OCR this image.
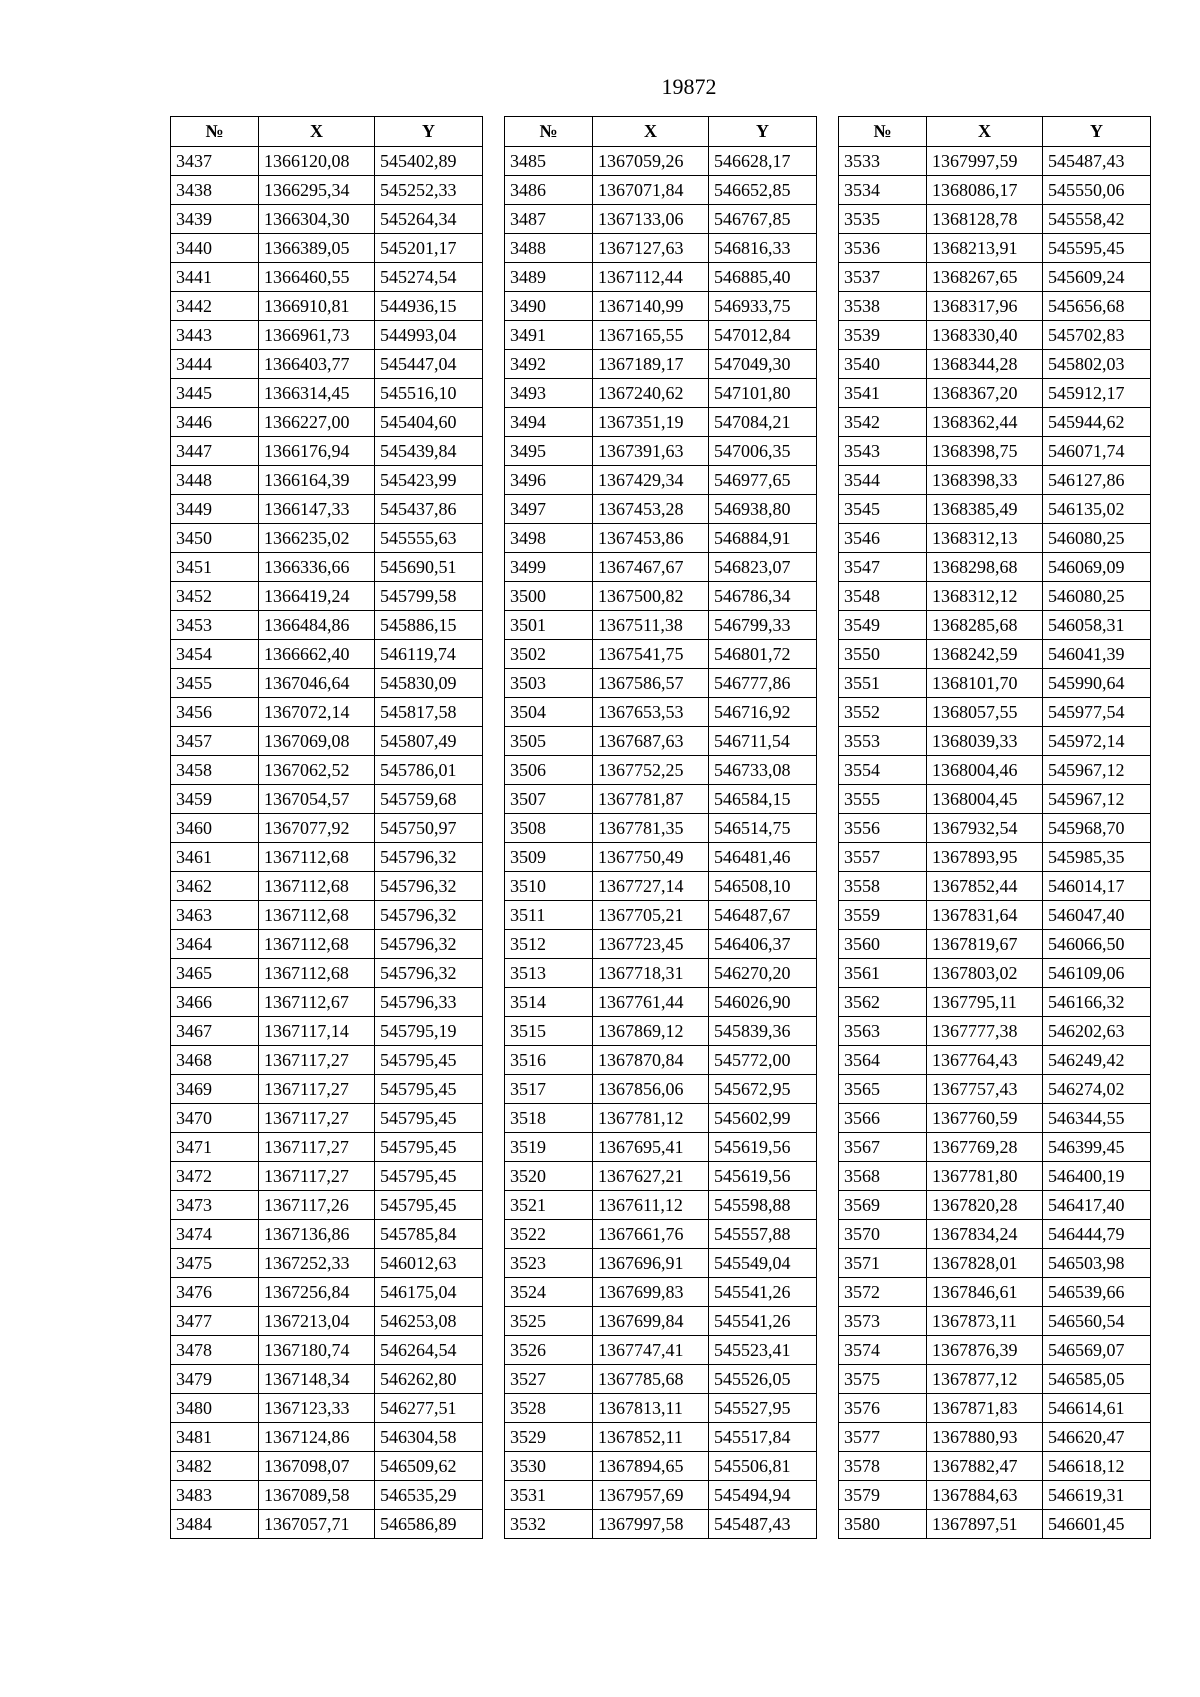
19872
№	X	Y
3437	1366120,08	545402,89
3438	1366295,34	545252,33
3439	1366304,30	545264,34
3440	1366389,05	545201,17
3441	1366460,55	545274,54
3442	1366910,81	544936,15
3443	1366961,73	544993,04
3444	1366403,77	545447,04
3445	1366314,45	545516,10
3446	1366227,00	545404,60
3447	1366176,94	545439,84
3448	1366164,39	545423,99
3449	1366147,33	545437,86
3450	1366235,02	545555,63
3451	1366336,66	545690,51
3452	1366419,24	545799,58
3453	1366484,86	545886,15
3454	1366662,40	546119,74
3455	1367046,64	545830,09
3456	1367072,14	545817,58
3457	1367069,08	545807,49
3458	1367062,52	545786,01
3459	1367054,57	545759,68
3460	1367077,92	545750,97
3461	1367112,68	545796,32
3462	1367112,68	545796,32
3463	1367112,68	545796,32
3464	1367112,68	545796,32
3465	1367112,68	545796,32
3466	1367112,67	545796,33
3467	1367117,14	545795,19
3468	1367117,27	545795,45
3469	1367117,27	545795,45
3470	1367117,27	545795,45
3471	1367117,27	545795,45
3472	1367117,27	545795,45
3473	1367117,26	545795,45
3474	1367136,86	545785,84
3475	1367252,33	546012,63
3476	1367256,84	546175,04
3477	1367213,04	546253,08
3478	1367180,74	546264,54
3479	1367148,34	546262,80
3480	1367123,33	546277,51
3481	1367124,86	546304,58
3482	1367098,07	546509,62
3483	1367089,58	546535,29
3484	1367057,71	546586,89
№	X	Y
3485	1367059,26	546628,17
3486	1367071,84	546652,85
3487	1367133,06	546767,85
3488	1367127,63	546816,33
3489	1367112,44	546885,40
3490	1367140,99	546933,75
3491	1367165,55	547012,84
3492	1367189,17	547049,30
3493	1367240,62	547101,80
3494	1367351,19	547084,21
3495	1367391,63	547006,35
3496	1367429,34	546977,65
3497	1367453,28	546938,80
3498	1367453,86	546884,91
3499	1367467,67	546823,07
3500	1367500,82	546786,34
3501	1367511,38	546799,33
3502	1367541,75	546801,72
3503	1367586,57	546777,86
3504	1367653,53	546716,92
3505	1367687,63	546711,54
3506	1367752,25	546733,08
3507	1367781,87	546584,15
3508	1367781,35	546514,75
3509	1367750,49	546481,46
3510	1367727,14	546508,10
3511	1367705,21	546487,67
3512	1367723,45	546406,37
3513	1367718,31	546270,20
3514	1367761,44	546026,90
3515	1367869,12	545839,36
3516	1367870,84	545772,00
3517	1367856,06	545672,95
3518	1367781,12	545602,99
3519	1367695,41	545619,56
3520	1367627,21	545619,56
3521	1367611,12	545598,88
3522	1367661,76	545557,88
3523	1367696,91	545549,04
3524	1367699,83	545541,26
3525	1367699,84	545541,26
3526	1367747,41	545523,41
3527	1367785,68	545526,05
3528	1367813,11	545527,95
3529	1367852,11	545517,84
3530	1367894,65	545506,81
3531	1367957,69	545494,94
3532	1367997,58	545487,43
№	X	Y
3533	1367997,59	545487,43
3534	1368086,17	545550,06
3535	1368128,78	545558,42
3536	1368213,91	545595,45
3537	1368267,65	545609,24
3538	1368317,96	545656,68
3539	1368330,40	545702,83
3540	1368344,28	545802,03
3541	1368367,20	545912,17
3542	1368362,44	545944,62
3543	1368398,75	546071,74
3544	1368398,33	546127,86
3545	1368385,49	546135,02
3546	1368312,13	546080,25
3547	1368298,68	546069,09
3548	1368312,12	546080,25
3549	1368285,68	546058,31
3550	1368242,59	546041,39
3551	1368101,70	545990,64
3552	1368057,55	545977,54
3553	1368039,33	545972,14
3554	1368004,46	545967,12
3555	1368004,45	545967,12
3556	1367932,54	545968,70
3557	1367893,95	545985,35
3558	1367852,44	546014,17
3559	1367831,64	546047,40
3560	1367819,67	546066,50
3561	1367803,02	546109,06
3562	1367795,11	546166,32
3563	1367777,38	546202,63
3564	1367764,43	546249,42
3565	1367757,43	546274,02
3566	1367760,59	546344,55
3567	1367769,28	546399,45
3568	1367781,80	546400,19
3569	1367820,28	546417,40
3570	1367834,24	546444,79
3571	1367828,01	546503,98
3572	1367846,61	546539,66
3573	1367873,11	546560,54
3574	1367876,39	546569,07
3575	1367877,12	546585,05
3576	1367871,83	546614,61
3577	1367880,93	546620,47
3578	1367882,47	546618,12
3579	1367884,63	546619,31
3580	1367897,51	546601,45
